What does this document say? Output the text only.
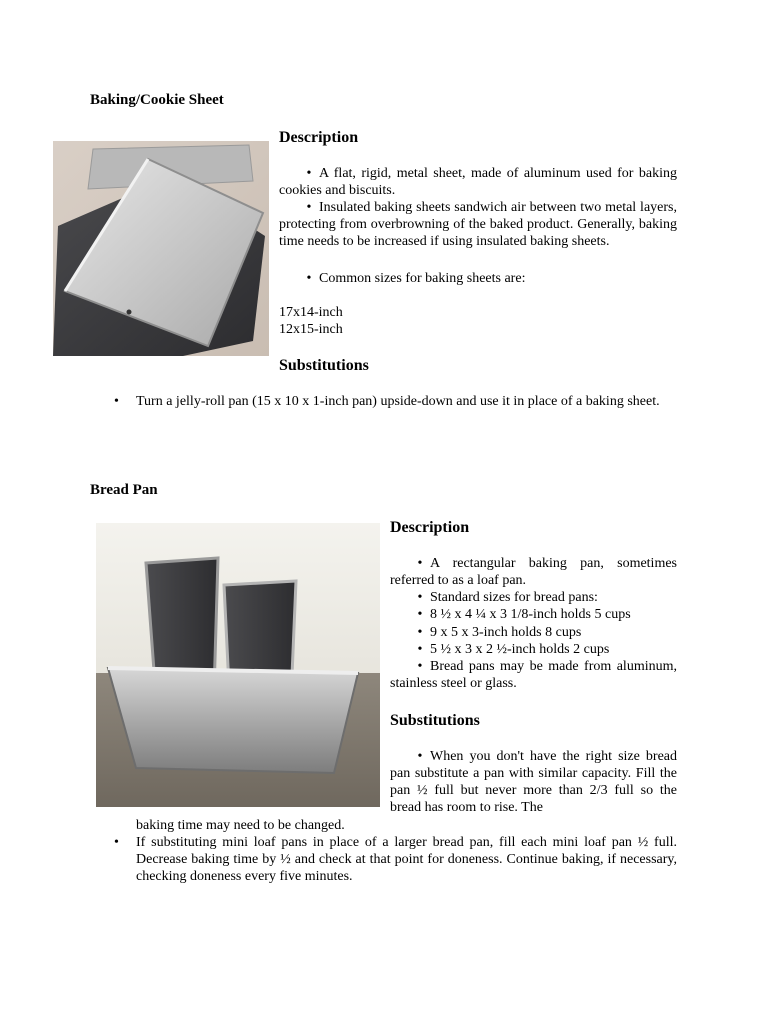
Baking/Cookie Sheet
Description
• A flat, rigid, metal sheet, made of aluminum used for baking cookies and biscuits.
• Insulated baking sheets sandwich air between two metal layers, protecting from overbrowning of the baked product. Generally, baking time needs to be increased if using insulated baking sheets.
• Common sizes for baking sheets are:
17x14-inch
12x15-inch
Substitutions
• Turn a jelly-roll pan (15 x 10 x 1-inch pan) upside-down and use it in place of a baking sheet.
Bread Pan
Description
• A rectangular baking pan, sometimes referred to as a loaf pan.
• Standard sizes for bread pans:
• 8 ½ x 4 ¼ x 3 1/8-inch holds 5 cups
• 9 x 5 x 3-inch holds 8 cups
• 5 ½ x 3 x 2 ½-inch holds 2 cups
• Bread pans may be made from aluminum, stainless steel or glass.
Substitutions
• When you don't have the right size bread pan substitute a pan with similar capacity. Fill the pan ½ full but never more than 2/3 full so the bread has room to rise. The
baking time may need to be changed.
• If substituting mini loaf pans in place of a larger bread pan, fill each mini loaf pan ½ full. Decrease baking time by ½ and check at that point for doneness. Continue baking, if necessary, checking doneness every five minutes.
